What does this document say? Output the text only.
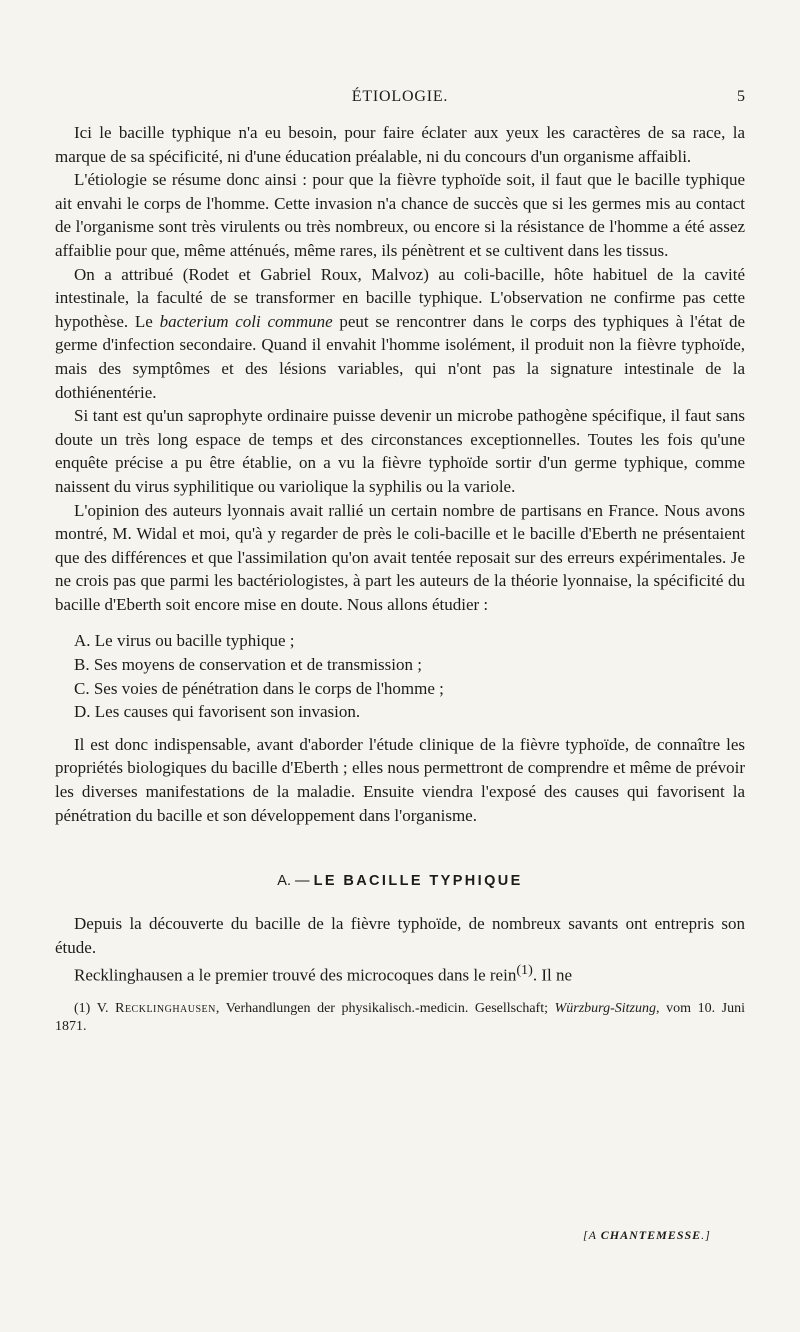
ÉTIOLOGIE.	5

Ici le bacille typhique n'a eu besoin, pour faire éclater aux yeux les caractères de sa race, la marque de sa spécificité, ni d'une éducation préalable, ni du concours d'un organisme affaibli.

L'étiologie se résume donc ainsi : pour que la fièvre typhoïde soit, il faut que le bacille typhique ait envahi le corps de l'homme. Cette invasion n'a chance de succès que si les germes mis au contact de l'organisme sont très virulents ou très nombreux, ou encore si la résistance de l'homme a été assez affaiblie pour que, même atténués, même rares, ils pénètrent et se cultivent dans les tissus.

On a attribué (Rodet et Gabriel Roux, Malvoz) au coli-bacille, hôte habituel de la cavité intestinale, la faculté de se transformer en bacille typhique. L'observation ne confirme pas cette hypothèse. Le bacterium coli commune peut se rencontrer dans le corps des typhiques à l'état de germe d'infection secondaire. Quand il envahit l'homme isolément, il produit non la fièvre typhoïde, mais des symptômes et des lésions variables, qui n'ont pas la signature intestinale de la dothiénentérie.

Si tant est qu'un saprophyte ordinaire puisse devenir un microbe pathogène spécifique, il faut sans doute un très long espace de temps et des circonstances exceptionnelles. Toutes les fois qu'une enquête précise a pu être établie, on a vu la fièvre typhoïde sortir d'un germe typhique, comme naissent du virus syphilitique ou variolique la syphilis ou la variole.

L'opinion des auteurs lyonnais avait rallié un certain nombre de partisans en France. Nous avons montré, M. Widal et moi, qu'à y regarder de près le coli-bacille et le bacille d'Eberth ne présentaient que des différences et que l'assimilation qu'on avait tentée reposait sur des erreurs expérimentales. Je ne crois pas que parmi les bactériologistes, à part les auteurs de la théorie lyonnaise, la spécificité du bacille d'Eberth soit encore mise en doute. Nous allons étudier :

A. Le virus ou bacille typhique ;
B. Ses moyens de conservation et de transmission ;
C. Ses voies de pénétration dans le corps de l'homme ;
D. Les causes qui favorisent son invasion.

Il est donc indispensable, avant d'aborder l'étude clinique de la fièvre typhoïde, de connaître les propriétés biologiques du bacille d'Eberth ; elles nous permettront de comprendre et même de prévoir les diverses manifestations de la maladie. Ensuite viendra l'exposé des causes qui favorisent la pénétration du bacille et son développement dans l'organisme.

A. — LE BACILLE TYPHIQUE

Depuis la découverte du bacille de la fièvre typhoïde, de nombreux savants ont entrepris son étude.

Recklinghausen a le premier trouvé des microcoques dans le rein$^{(1)}$. Il ne

(1) V. Recklinghausen, Verhandlungen der physikalisch.-medicin. Gesellschaft; Würzburg-Sitzung, vom 10. Juni 1871.

[A CHANTEMESSE.]
